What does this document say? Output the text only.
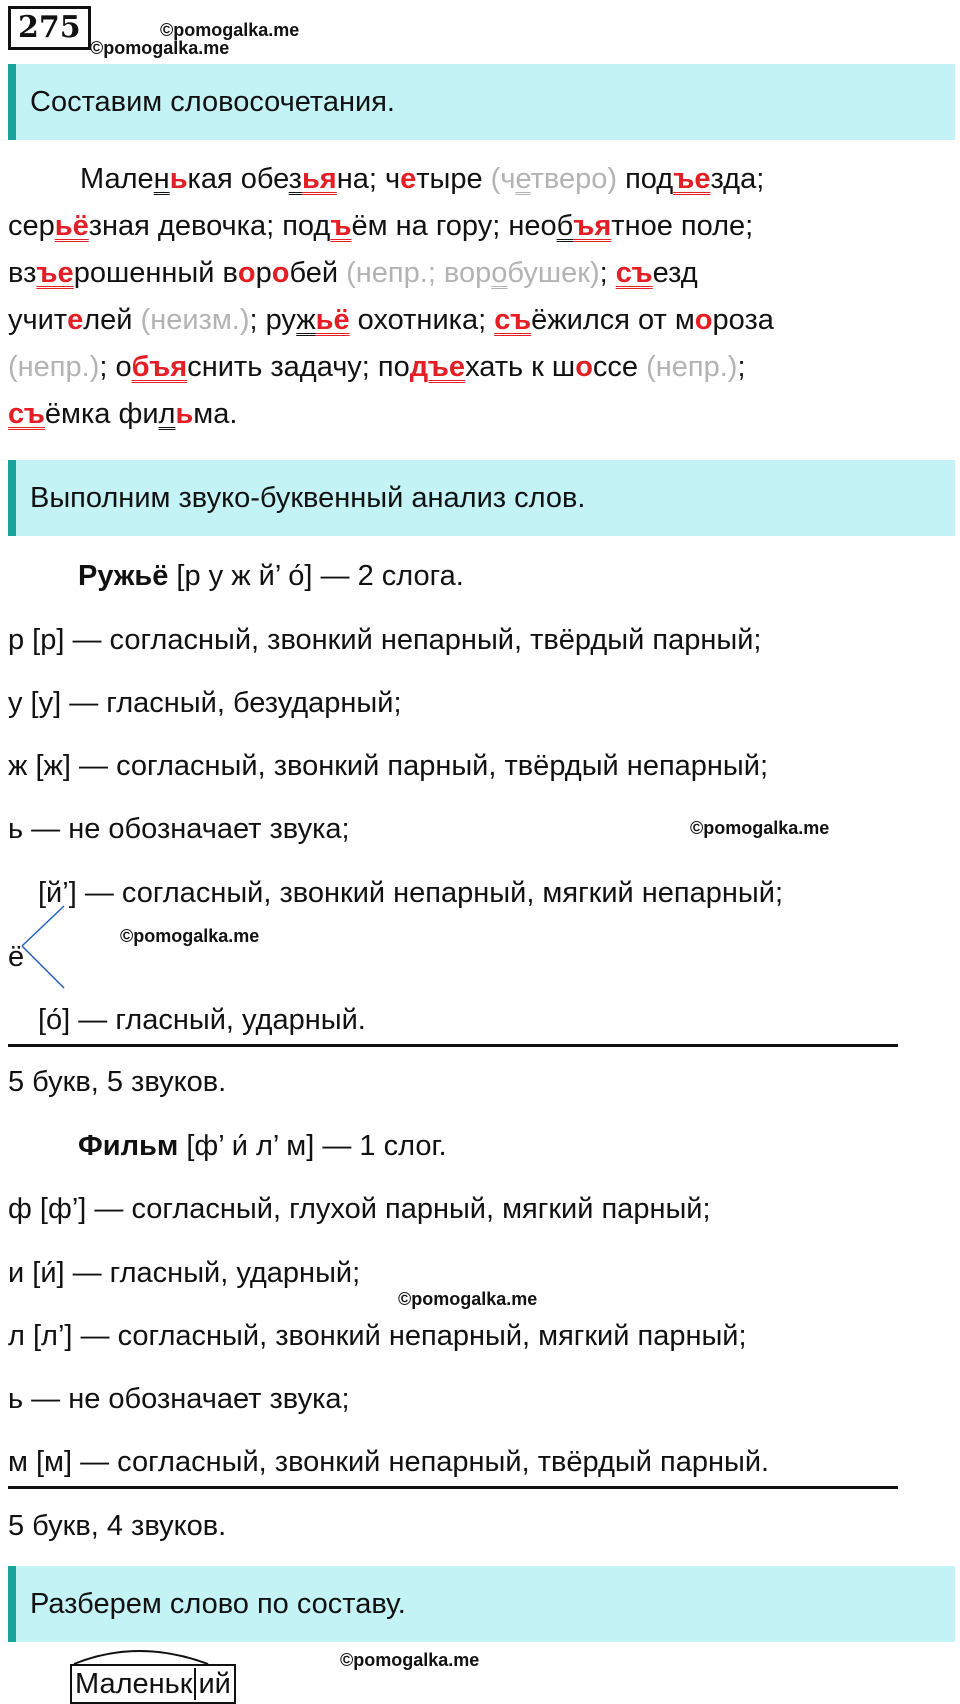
275	©pomogalka.me
©pomogalka.me
Составим словосочетания.

Маленькая обезьяна; четыре (четверо) подъезда;

серьёзная девочка; подъём на гору; необъятное поле;

взъерошенный воробей (непр.; воробушек); съезд

учителей (неизм.); ружьё охотника; съёжился от мороза

(непр.); объяснить задачу; подъехать к шоссе (непр.);

съёмка фильма.

Выполним звуко-буквенный анализ слов.
Ружьё [р у ж й’ о́] — 2 слога.
р [р] — согласный, звонкий непарный, твёрдый парный;
у [у] — гласный, безударный;
ж [ж] — согласный, звонкий парный, твёрдый непарный;
ь — не обозначает звука;	©pomogalka.me
[й’] — согласный, звонкий непарный, мягкий непарный;
ё
©pomogalka.me
[о́] — гласный, ударный.
5 букв, 5 звуков.
Фильм [ф’ и́ л’ м] — 1 слог.
ф [ф’] — согласный, глухой парный, мягкий парный;
и [и́] — гласный, ударный;
©pomogalka.me
л [л’] — согласный, звонкий непарный, мягкий парный;
ь — не обозначает звука;
м [м] — согласный, звонкий непарный, твёрдый парный.
5 букв, 4 звуков.
Разберем слово по составу.
Маленьк ий
©pomogalka.me
